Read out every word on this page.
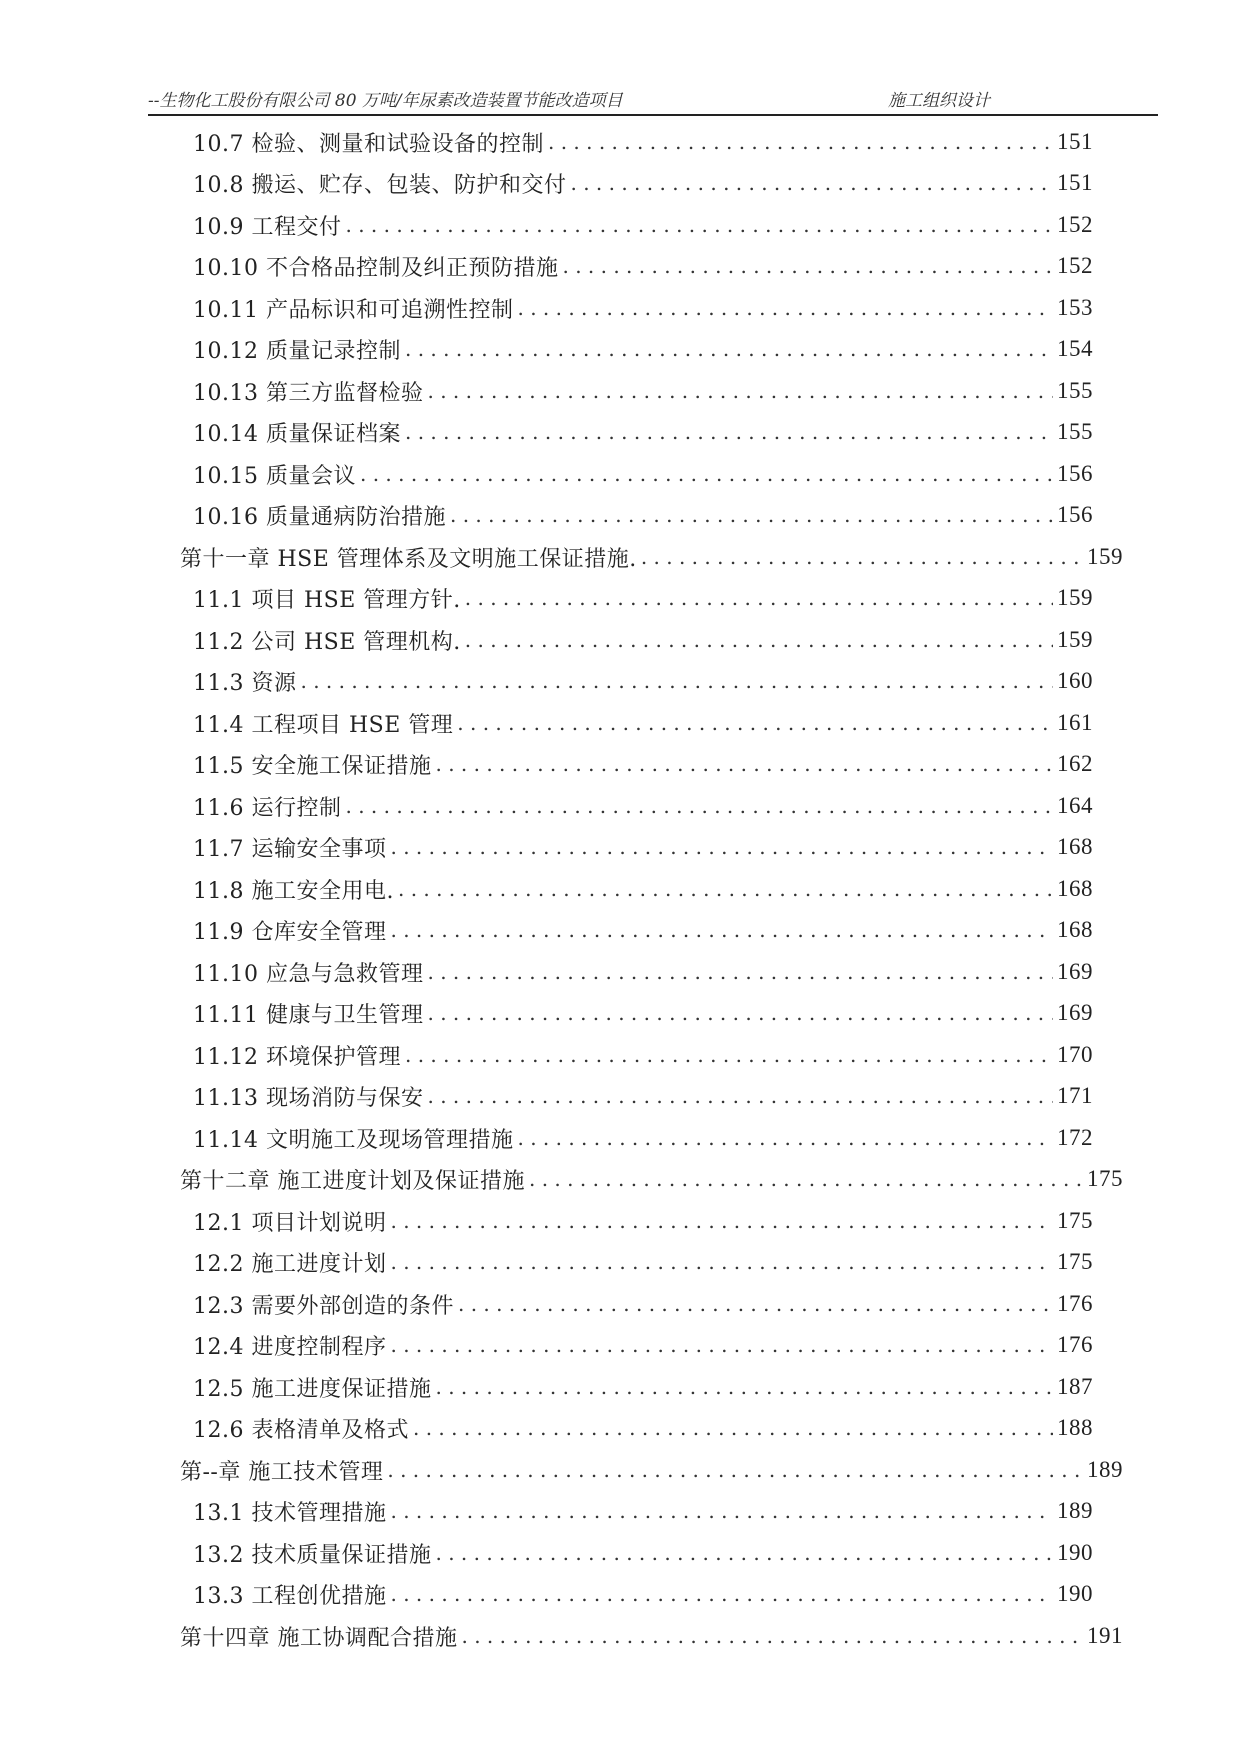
--生物化工股份有限公司 80 万吨/年尿素改造装置节能改造项目	施工组织设计
10.7 检验、测量和试验设备的控制 . . .	151
10.8 搬运、贮存、包装、防护和交付 . . .	151
10.9 工程交付 . . .	152
10.10 不合格品控制及纠正预防措施 . . .	152
10.11 产品标识和可追溯性控制 . . .	153
10.12 质量记录控制 . . .	154
10.13 第三方监督检验 . . .	155
10.14 质量保证档案 . . .	155
10.15 质量会议 . . .	156
10.16 质量通病防治措施 . . .	156
第十一章 HSE 管理体系及文明施工保证措施. . . .	159
11.1 项目 HSE 管理方针. . . .	159
11.2 公司 HSE 管理机构. . . .	159
11.3 资源 . . .	160
11.4 工程项目 HSE 管理 . . .	161
11.5 安全施工保证措施 . . .	162
11.6 运行控制 . . .	164
11.7 运输安全事项 . . .	168
11.8 施工安全用电. . . .	168
11.9 仓库安全管理 . . .	168
11.10 应急与急救管理 . . .	169
11.11 健康与卫生管理 . . .	169
11.12 环境保护管理 . . .	170
11.13 现场消防与保安 . . .	171
11.14 文明施工及现场管理措施 . . .	172
第十二章 施工进度计划及保证措施 . . .	175
12.1 项目计划说明 . . .	175
12.2 施工进度计划 . . .	175
12.3 需要外部创造的条件 . . .	176
12.4 进度控制程序 . . .	176
12.5 施工进度保证措施 . . .	187
12.6 表格清单及格式 . . .	188
第--章 施工技术管理 . . .	189
13.1 技术管理措施 . . .	189
13.2 技术质量保证措施 . . .	190
13.3 工程创优措施 . . .	190
第十四章 施工协调配合措施 . . .	191
